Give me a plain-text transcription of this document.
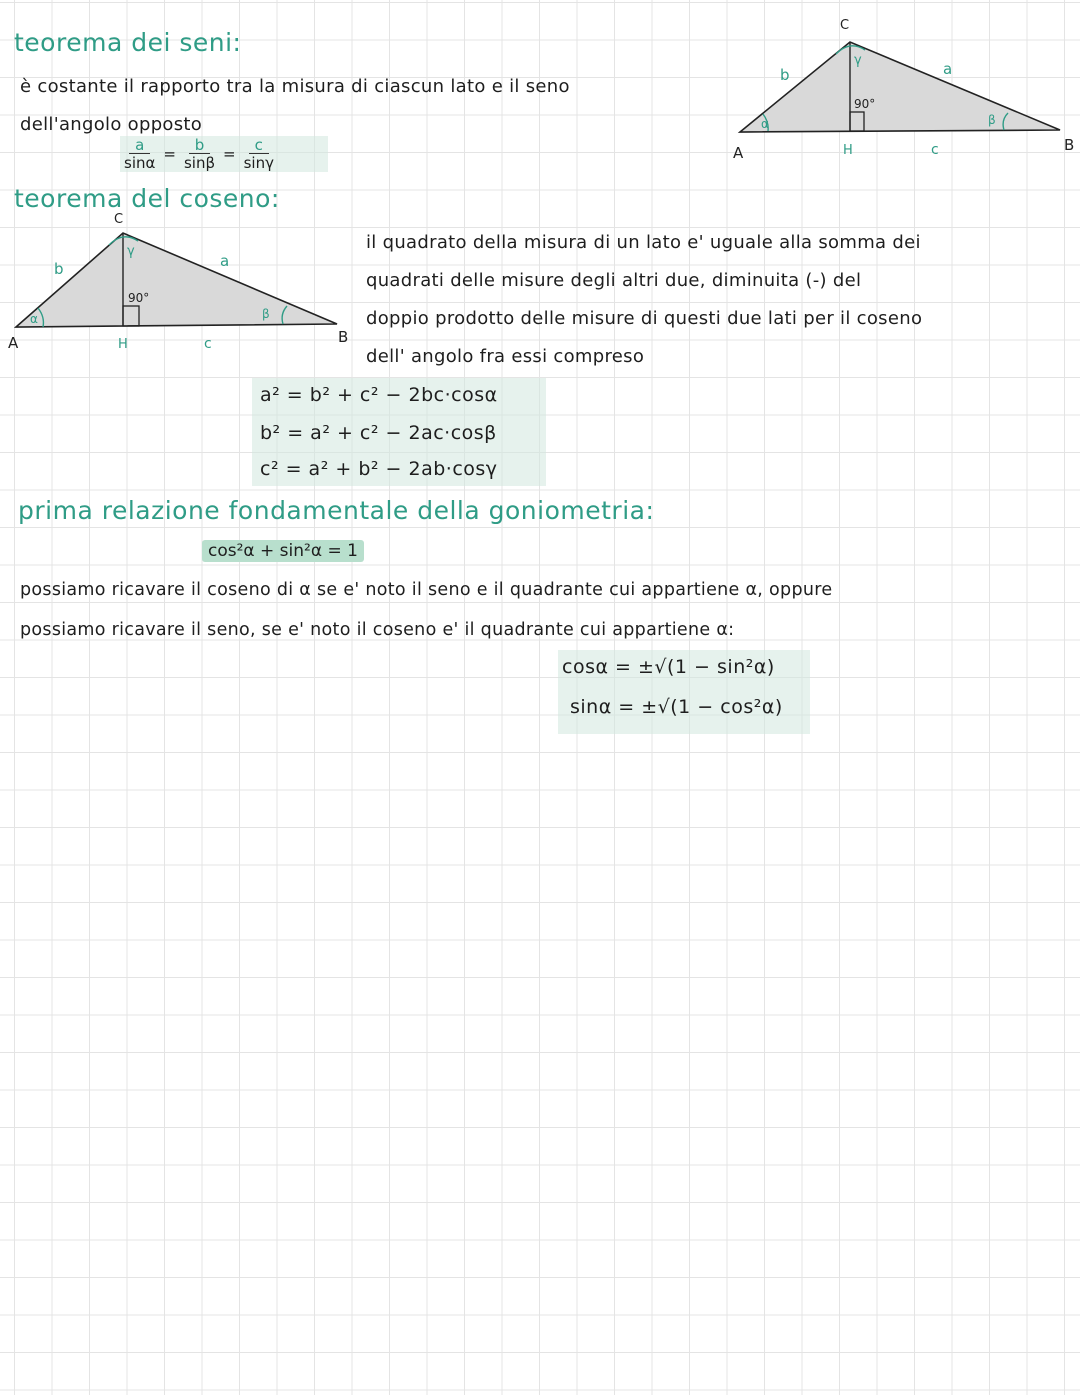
teorema dei seni:
è costante il rapporto tra la misura di ciascun lato e il seno
dell'angolo opposto
$\frac{a}{\sin\alpha} = \frac{b}{\sin\beta} = \frac{c}{\sin\gamma}$
α	β
γ
90°
b	a
c
A	B
C
H
teorema del coseno:
α	β
γ
90°
b	a
c
A	B
C
H
il quadrato della misura di un lato e' uguale alla somma dei
quadrati delle misure degli altri due, diminuita (-) del
doppio prodotto delle misure di questi due lati per il coseno
dell' angolo fra essi compreso
a² = b² + c² − 2bc·cosα
b² = a² + c² − 2ac·cosβ
c² = a² + b² − 2ab·cosγ
prima relazione fondamentale della goniometria:
cos²α + sin²α = 1
possiamo ricavare il coseno di α se e' noto il seno e il quadrante cui appartiene α, oppure
possiamo ricavare il seno, se e' noto il coseno e' il quadrante cui appartiene α:
cosα = ±√(1 − sin²α)
sinα = ±√(1 − cos²α)
